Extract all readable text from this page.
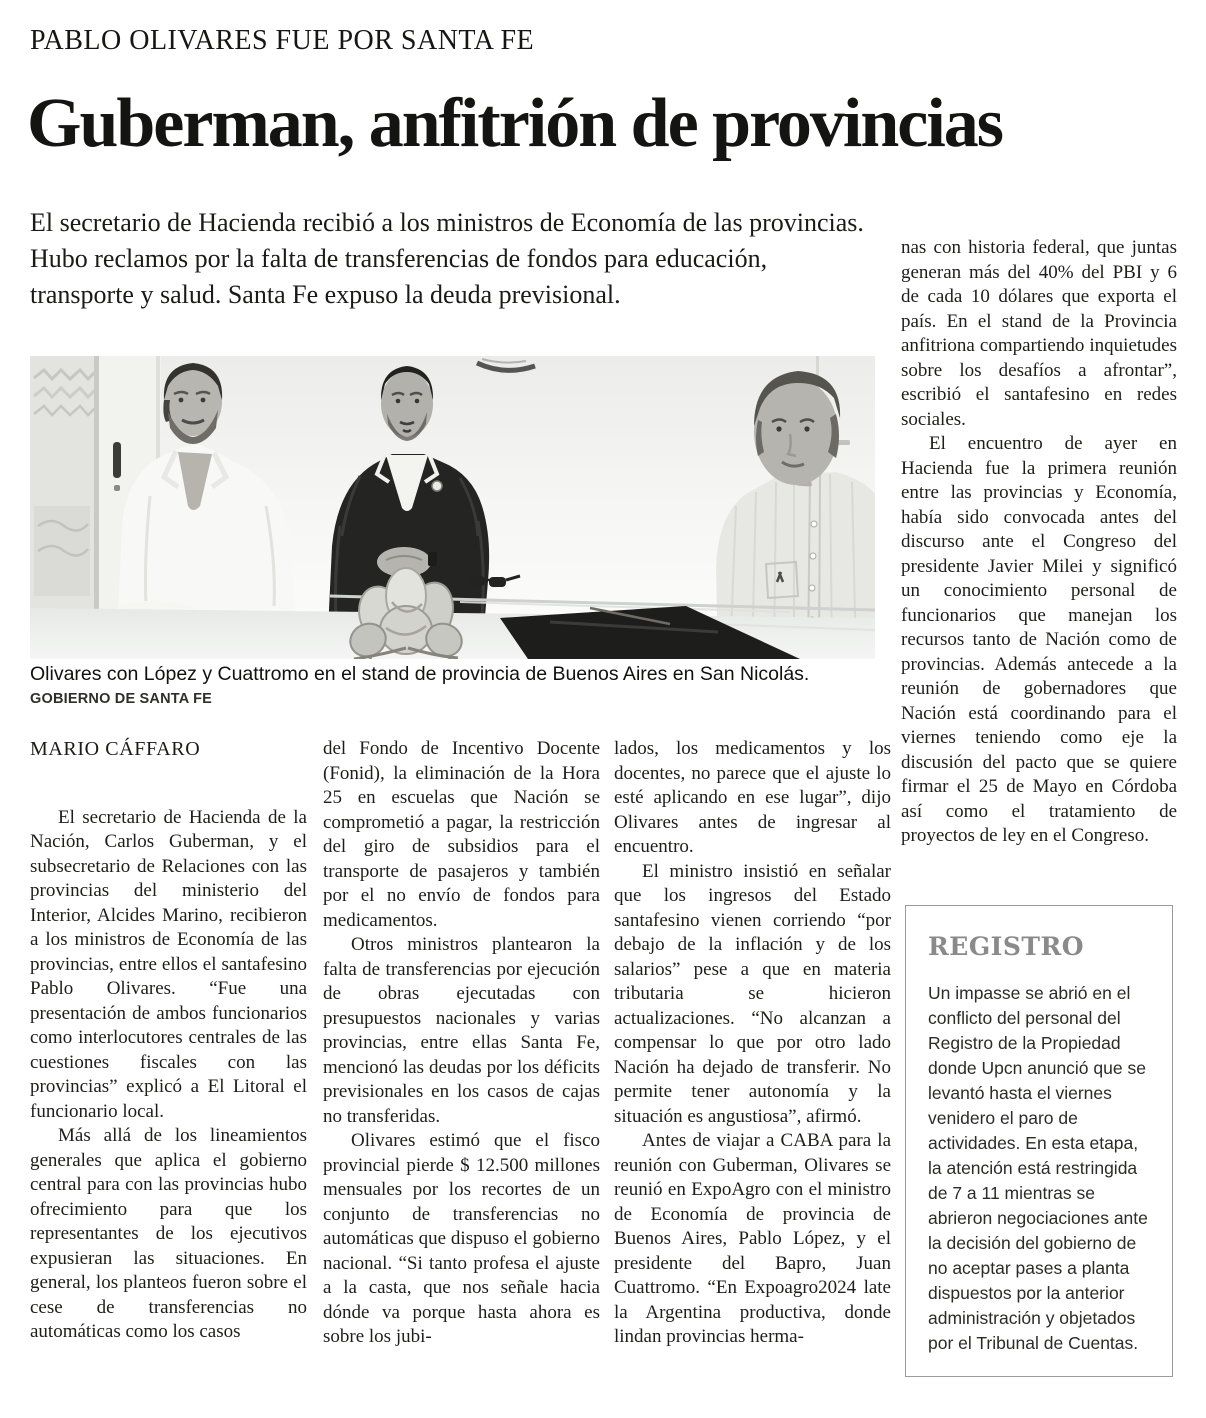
PABLO OLIVARES FUE POR SANTA FE
Guberman, anfitrión de provincias

El secretario de Hacienda recibió a los ministros de Economía de las provincias. Hubo reclamos por la falta de transferencias de fondos para educación, transporte y salud. Santa Fe expuso la deuda previsional.

nas con historia federal, que juntas generan más del 40% del PBI y 6 de cada 10 dólares que exporta el país. En el stand de la Provincia anfitriona compartiendo inquietudes sobre los desafíos a afrontar”, escribió el santafesino en redes sociales.

El encuentro de ayer en Hacienda fue la primera reunión entre las provincias y Economía, había sido convocada antes del discurso ante el Congreso del presidente Javier Milei y significó un conocimiento personal de funcionarios que manejan los recursos tanto de Nación como de provincias. Además antecede a la reunión de gobernadores que Nación está coordinando para el viernes teniendo como eje la discusión del pacto que se quiere firmar el 25 de Mayo en Córdoba así como el tratamiento de proyectos de ley en el Congreso.

Olivares con López y Cuattromo en el stand de provincia de Buenos Aires en San Nicolás. GOBIERNO DE SANTA FE
MARIO CÁFFARO

El secretario de Hacienda de la Nación, Carlos Guberman, y el subsecretario de Relaciones con las provincias del ministerio del Interior, Alcides Marino, recibieron a los ministros de Economía de las provincias, entre ellos el santafesino Pablo Olivares. “Fue una presentación de ambos funcionarios como interlocutores centrales de las cuestiones fiscales con las provincias” explicó a El Litoral el funcionario local.

Más allá de los lineamientos generales que aplica el gobierno central para con las provincias hubo ofrecimiento para que los representantes de los ejecutivos expusieran las situaciones. En general, los planteos fueron sobre el cese de transferencias no automáticas como los casos

del Fondo de Incentivo Docente (Fonid), la eliminación de la Hora 25 en escuelas que Nación se comprometió a pagar, la restricción del giro de subsidios para el transporte de pasajeros y también por el no envío de fondos para medicamentos.

Otros ministros plantearon la falta de transferencias por ejecución de obras ejecutadas con presupuestos nacionales y varias provincias, entre ellas Santa Fe, mencionó las deudas por los déficits previsionales en los casos de cajas no transferidas.

Olivares estimó que el fisco provincial pierde $ 12.500 millones mensuales por los recortes de un conjunto de transferencias no automáticas que dispuso el gobierno nacional. “Si tanto profesa el ajuste a la casta, que nos señale hacia dónde va porque hasta ahora es sobre los jubi-

lados, los medicamentos y los docentes, no parece que el ajuste lo esté aplicando en ese lugar”, dijo Olivares antes de ingresar al encuentro.

El ministro insistió en señalar que los ingresos del Estado santafesino vienen corriendo “por debajo de la inflación y de los salarios” pese a que en materia tributaria se hicieron actualizaciones. “No alcanzan a compensar lo que por otro lado Nación ha dejado de transferir. No permite tener autonomía y la situación es angustiosa”, afirmó.

Antes de viajar a CABA para la reunión con Guberman, Olivares se reunió en ExpoAgro con el ministro de Economía de provincia de Buenos Aires, Pablo López, y el presidente del Bapro, Juan Cuattromo. “En Expoagro2024 late la Argentina productiva, donde lindan provincias herma-

REGISTRO

Un impasse se abrió en el conflicto del personal del Registro de la Propiedad donde Upcn anunció que se levantó hasta el viernes venidero el paro de actividades. En esta etapa, la atención está restringida de 7 a 11 mientras se abrieron negociaciones ante la decisión del gobierno de no aceptar pases a planta dispuestos por la anterior administración y objetados por el Tribunal de Cuentas.
